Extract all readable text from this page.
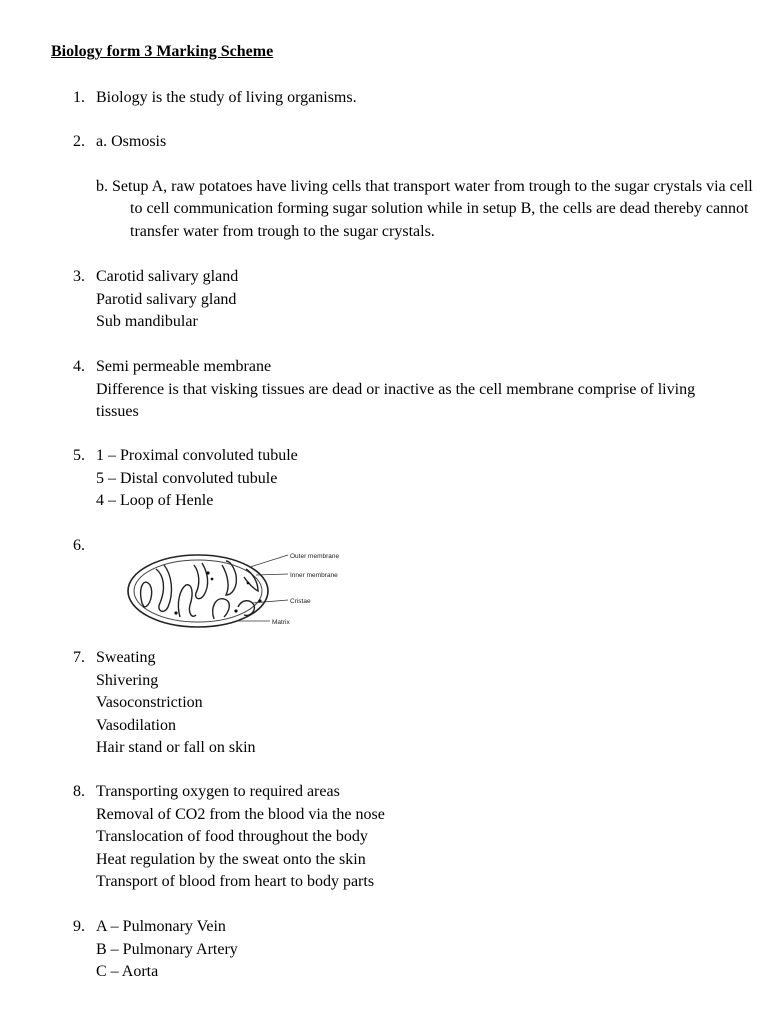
Biology form 3 Marking Scheme
1. Biology is the study of living organisms.
2. a. Osmosis
b. Setup A, raw potatoes have living cells that transport water from trough to the sugar crystals via cell to cell communication forming sugar solution while in setup B, the cells are dead thereby cannot transfer water from trough to the sugar crystals.
3. Carotid salivary gland
Parotid salivary gland
Sub mandibular
4. Semi permeable membrane
Difference is that visking tissues are dead or inactive as the cell membrane comprise of living tissues
5. 1 – Proximal convoluted tubule
5 – Distal convoluted tubule
4 – Loop of Henle
6.
Outer membrane
Inner membrane
Cristae
Matrix
7. Sweating
Shivering
Vasoconstriction
Vasodilation
Hair stand or fall on skin
8. Transporting oxygen to required areas
Removal of CO2 from the blood via the nose
Translocation of food throughout the body
Heat regulation by the sweat onto the skin
Transport of blood from heart to body parts
9. A – Pulmonary Vein
B – Pulmonary Artery
C – Aorta
